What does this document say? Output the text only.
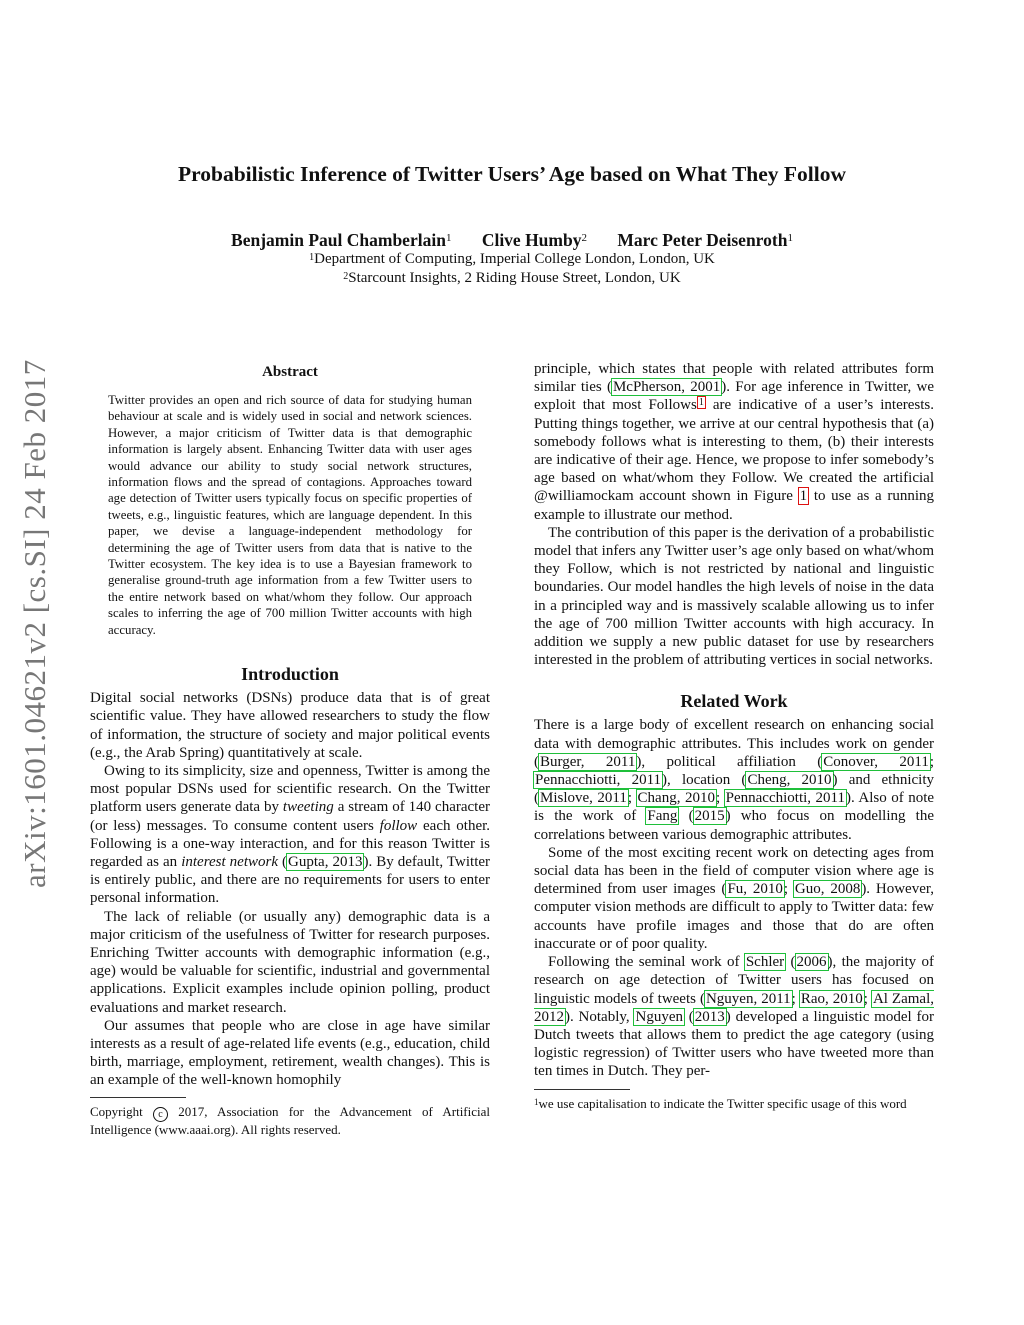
arXiv:1601.04621v2 [cs.SI] 24 Feb 2017
Probabilistic Inference of Twitter Users’ Age based on What They Follow
Benjamin Paul Chamberlain$^1$ Clive Humby$^2$ Marc Peter Deisenroth$^1$
$^1$Department of Computing, Imperial College London, London, UK
$^2$Starcount Insights, 2 Riding House Street, London, UK
Abstract
Twitter provides an open and rich source of data for studying human behaviour at scale and is widely used in social and network sciences. However, a major criticism of Twitter data is that demographic information is largely absent. Enhancing Twitter data with user ages would advance our ability to study social network structures, information flows and the spread of contagions. Approaches toward age detection of Twitter users typically focus on specific properties of tweets, e.g., linguistic features, which are language dependent. In this paper, we devise a language-independent methodology for determining the age of Twitter users from data that is native to the Twitter ecosystem. The key idea is to use a Bayesian framework to generalise ground-truth age information from a few Twitter users to the entire network based on what/whom they follow. Our approach scales to inferring the age of 700 million Twitter accounts with high accuracy.
Introduction

Digital social networks (DSNs) produce data that is of great scientific value. They have allowed researchers to study the flow of information, the structure of society and major political events (e.g., the Arab Spring) quantitatively at scale.

Owing to its simplicity, size and openness, Twitter is among the most popular DSNs used for scientific research. On the Twitter platform users generate data by tweeting a stream of 140 character (or less) messages. To consume content users follow each other. Following is a one-way interaction, and for this reason Twitter is regarded as an interest network (Gupta, 2013). By default, Twitter is entirely public, and there are no requirements for users to enter personal information.

The lack of reliable (or usually any) demographic data is a major criticism of the usefulness of Twitter for research purposes. Enriching Twitter accounts with demographic information (e.g., age) would be valuable for scientific, industrial and governmental applications. Explicit examples include opinion polling, product evaluations and market research.

Our assumes that people who are close in age have similar interests as a result of age-related life events (e.g., education, child birth, marriage, employment, retirement, wealth changes). This is an example of the well-known homophily

Copyright c 2017, Association for the Advancement of Artificial Intelligence (www.aaai.org). All rights reserved.

principle, which states that people with related attributes form similar ties (McPherson, 2001). For age inference in Twitter, we exploit that most Follows $^1$ are indicative of a user’s interests. Putting things together, we arrive at our central hypothesis that (a) somebody follows what is interesting to them, (b) their interests are indicative of their age. Hence, we propose to infer somebody’s age based on what/whom they Follow. We created the artificial @williamockam account shown in Figure 1 to use as a running example to illustrate our method.

The contribution of this paper is the derivation of a probabilistic model that infers any Twitter user’s age only based on what/whom they Follow, which is not restricted by national and linguistic boundaries. Our model handles the high levels of noise in the data in a principled way and is massively scalable allowing us to infer the age of 700 million Twitter accounts with high accuracy. In addition we supply a new public dataset for use by researchers interested in the problem of attributing vertices in social networks.

Related Work

There is a large body of excellent research on enhancing social data with demographic attributes. This includes work on gender (Burger, 2011), political affiliation (Conover, 2011; Pennacchiotti, 2011), location (Cheng, 2010) and ethnicity (Mislove, 2011; Chang, 2010; Pennacchiotti, 2011). Also of note is the work of Fang (2015) who focus on modelling the correlations between various demographic attributes.

Some of the most exciting recent work on detecting ages from social data has been in the field of computer vision where age is determined from user images (Fu, 2010; Guo, 2008). However, computer vision methods are difficult to apply to Twitter data: few accounts have profile images and those that do are often inaccurate or of poor quality.

Following the seminal work of Schler (2006), the majority of research on age detection of Twitter users has focused on linguistic models of tweets (Nguyen, 2011; Rao, 2010; Al Zamal, 2012). Notably, Nguyen (2013) developed a linguistic model for Dutch tweets that allows them to predict the age category (using logistic regression) of Twitter users who have tweeted more than ten times in Dutch. They per-

$^1$we use capitalisation to indicate the Twitter specific usage of this word
